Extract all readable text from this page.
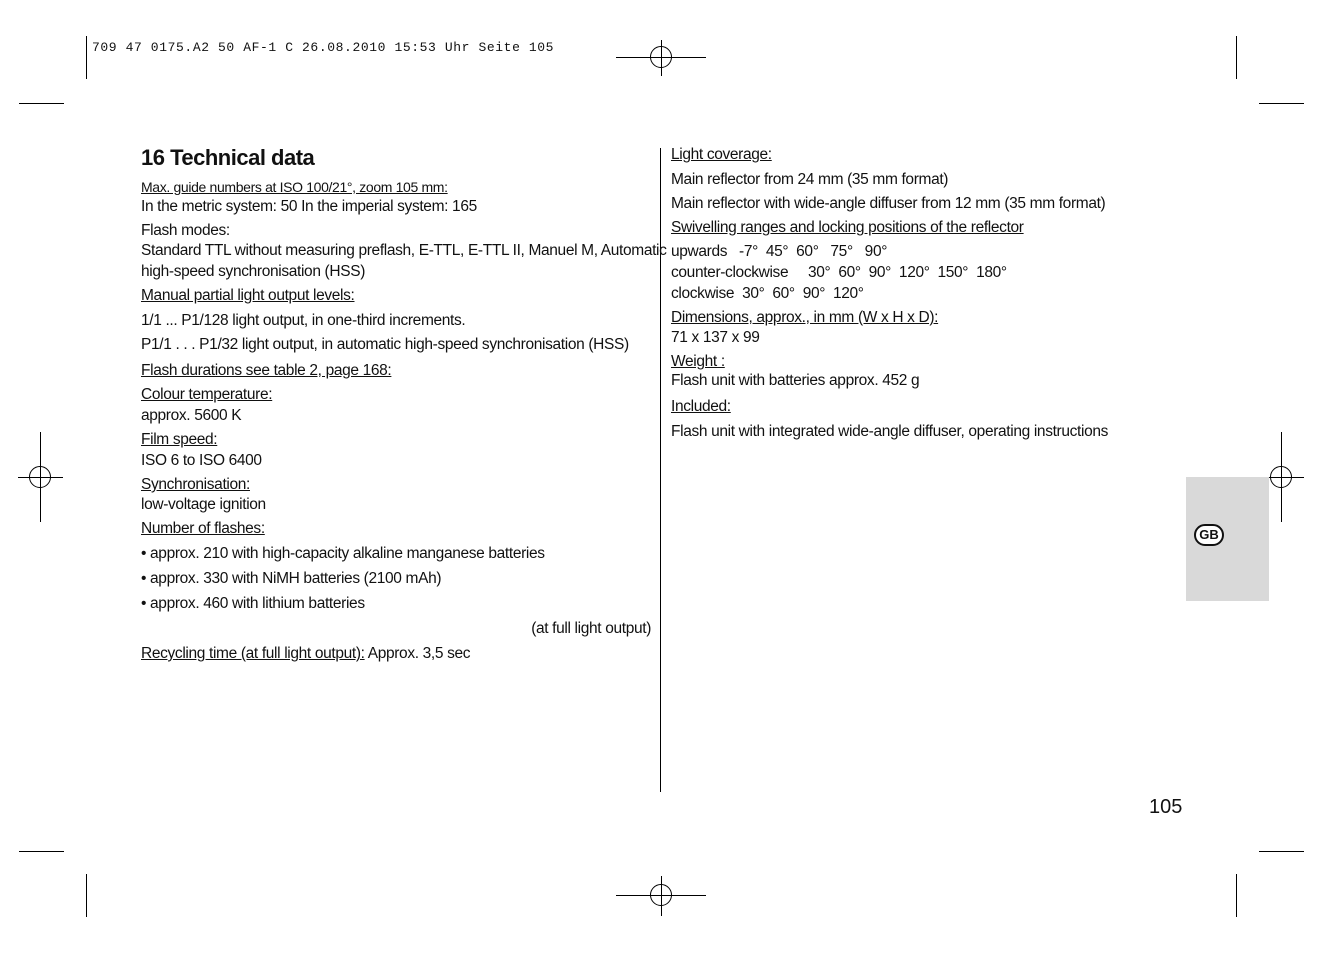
709 47 0175.A2 50 AF-1 C 26.08.2010 15:53 Uhr Seite 105
16 Technical data
Max. guide numbers at ISO 100/21°, zoom 105 mm:
In the metric system: 50 In the imperial system: 165
Flash modes:
Standard TTL without measuring preflash, E-TTL, E-TTL II, Manuel M, Automatic
high-speed synchronisation (HSS)
Manual partial light output levels:
1/1 ... P1/128 light output, in one-third increments.
P1/1 . . . P1/32 light output, in automatic high-speed synchronisation (HSS)
Flash durations see table 2, page 168:
Colour temperature:
approx. 5600 K
Film speed:
ISO 6 to ISO 6400
Synchronisation:
low-voltage ignition
Number of flashes:
• approx. 210 with high-capacity alkaline manganese batteries
• approx. 330 with NiMH batteries (2100 mAh)
• approx. 460 with lithium batteries
(at full light output)
Recycling time (at full light output): Approx. 3,5 sec
Light coverage:
Main reflector from 24 mm (35 mm format)
Main reflector with wide-angle diffuser from 12 mm (35 mm format)
Swivelling ranges and locking positions of the reflector
upwards   -7°  45°  60°   75°   90°
counter-clockwise     30°  60°  90°  120°  150°  180°
clockwise  30°  60°  90°  120°
Dimensions, approx., in mm (W x H x D):
71 x 137 x 99
Weight :
Flash unit with batteries approx. 452 g
Included:
Flash unit with integrated wide-angle diffuser, operating instructions
GB
105
